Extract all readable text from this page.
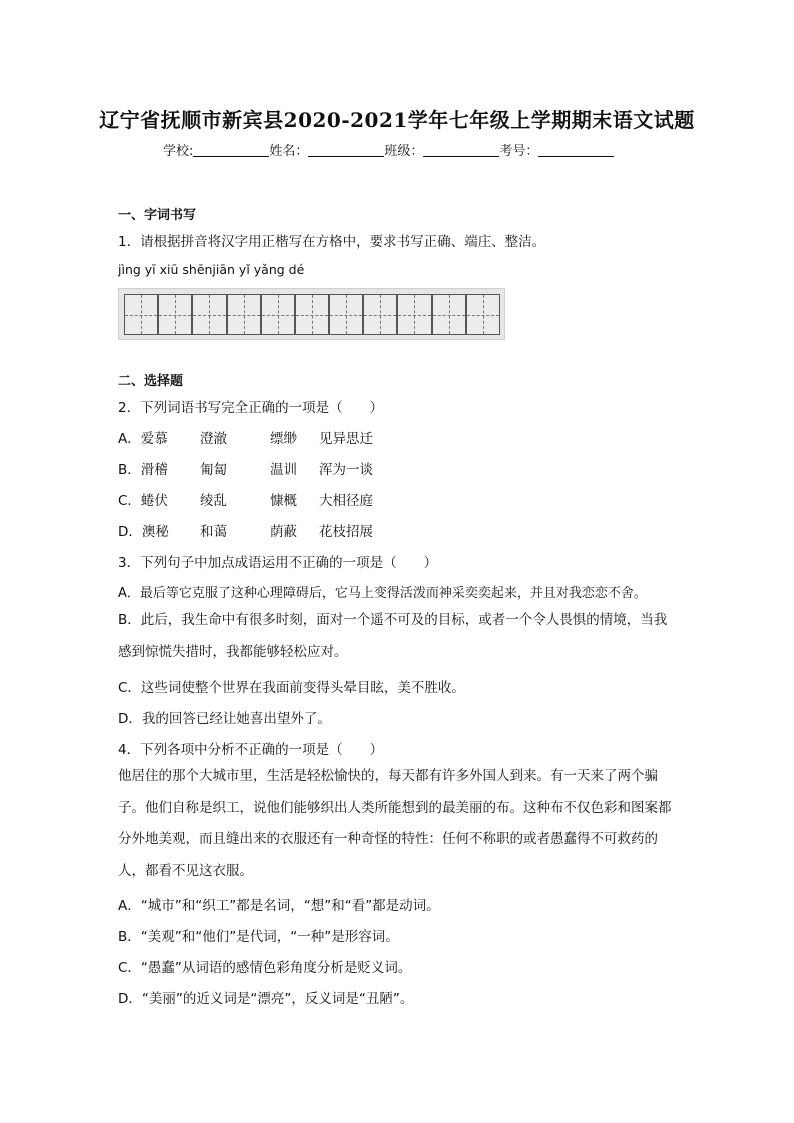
辽宁省抚顺市新宾县2020-2021学年七年级上学期期末语文试题
学校:	姓名：	班级：	考号：
一、字词书写
1．请根据拼音将汉字用正楷写在方格中，要求书写正确、端庄、整洁。
jìng yī xiū shēnjiān yǐ yǎng dé
二、选择题
2．下列词语书写完全正确的一项是（　　）
A．爱慕 澄澈	缥缈 见异思迁
B．滑稽 匍匐	温训 浑为一谈
C．蜷伏 绫乱	慷概 大相径庭
D．澳秘 和蔼	荫蔽 花枝招展
3．下列句子中加点成语运用不正确的一项是（　　）
A．最后等它克服了这种心理障碍后，它马上变得活泼而神采奕奕起来，并且对我恋恋不舍。
B．此后，我生命中有很多时刻，面对一个遥不可及的目标，或者一个令人畏惧的情境，当我感到惊慌失措时，我都能够轻松应对。
C．这些词使整个世界在我面前变得头晕目眩，美不胜收。
D．我的回答已经让她喜出望外了。
4．下列各项中分析不正确的一项是（　　）
他居住的那个大城市里，生活是轻松愉快的，每天都有许多外国人到来。有一天来了两个骗子。他们自称是织工，说他们能够织出人类所能想到的最美丽的布。这种布不仅色彩和图案都分外地美观，而且缝出来的衣服还有一种奇怪的特性：任何不称职的或者愚蠢得不可救药的人，都看不见这衣服。
A．“城市”和“织工”都是名词，“想”和“看”都是动词。
B．“美观”和“他们”是代词，“一种”是形容词。
C．“愚蠢”从词语的感情色彩角度分析是贬义词。
D．“美丽”的近义词是“漂亮”，反义词是“丑陋”。
